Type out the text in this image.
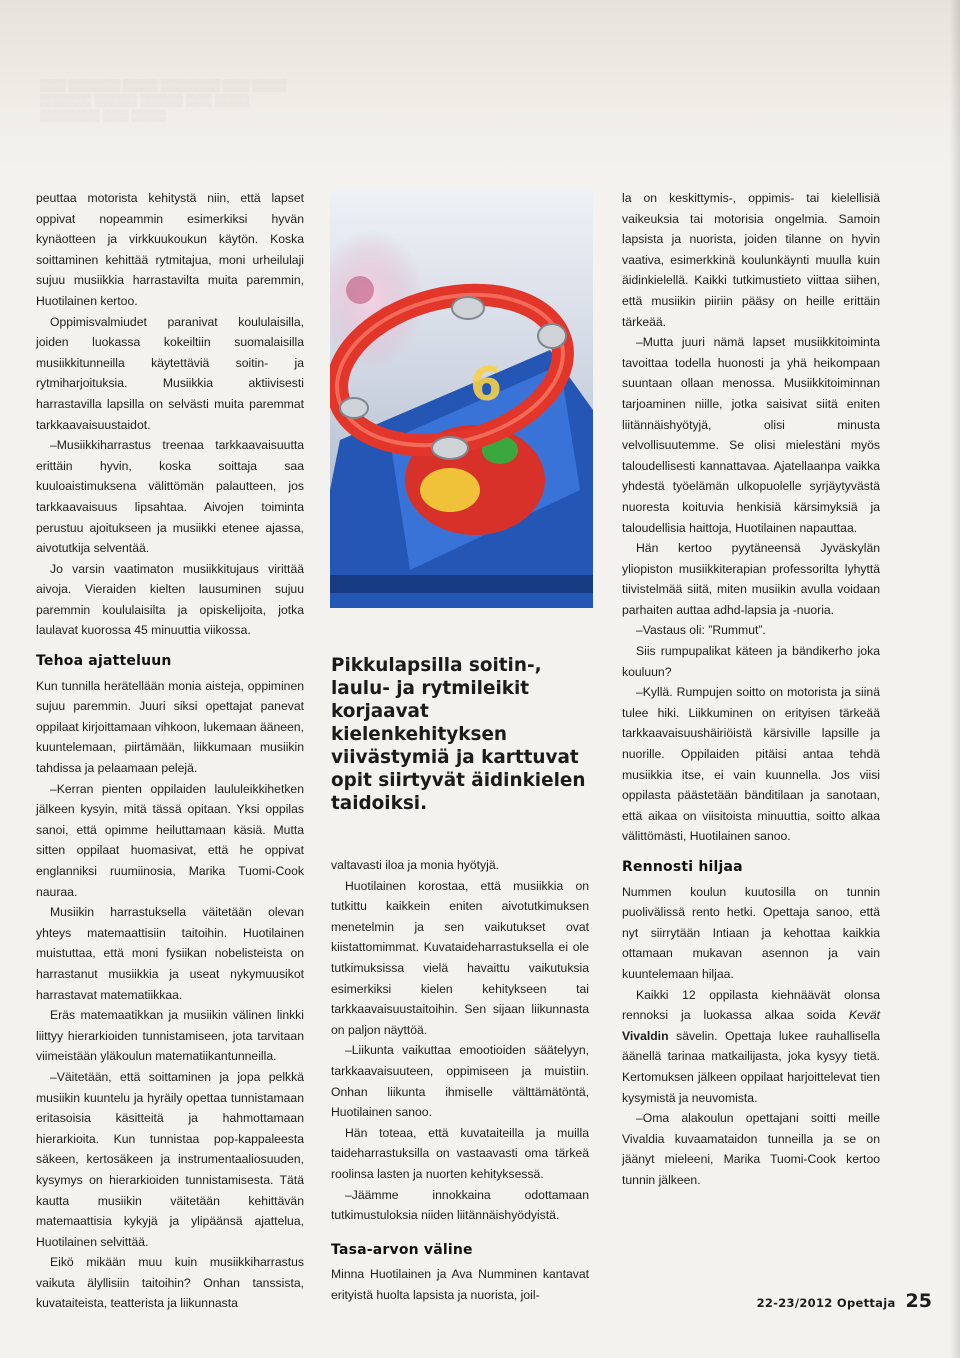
▒▒▒ ▒▒▒▒▒▒ ▒▒▒▒ ▒▒▒▒▒▒▒ ▒▒▒ ▒▒▒▒ ▒▒▒▒▒▒ ▒▒▒▒▒ ▒▒▒▒▒ ▒▒▒ ▒▒▒▒ ▒▒▒▒▒▒▒ ▒▒▒ ▒▒▒▒

peuttaa motorista kehitystä niin, että lapset oppivat nopeammin esimerkiksi hyvän kynäotteen ja virkkuukoukun käytön. Koska soittaminen kehittää rytmitajua, moni urheilulaji sujuu musiikkia harrastavilta muita paremmin, Huotilainen kertoo.

Oppimisvalmiudet paranivat koululaisilla, joiden luokassa kokeiltiin suomalaisilla musiikkitunneilla käytettäviä soitin- ja rytmiharjoituksia. Musiikkia aktiivisesti harrastavilla lapsilla on selvästi muita paremmat tarkkaavaisuustaidot.

–Musiikkiharrastus treenaa tarkkaavaisuutta erittäin hyvin, koska soittaja saa kuuloaistimuksena välittömän palautteen, jos tarkkaavaisuus lipsahtaa. Aivojen toiminta perustuu ajoitukseen ja musiikki etenee ajassa, aivotutkija selventää.

Jo varsin vaatimaton musiikkitujaus virittää aivoja. Vieraiden kielten lausuminen sujuu paremmin koululaisilta ja opiskelijoita, jotka laulavat kuorossa 45 minuuttia viikossa.

Tehoa ajatteluun

Kun tunnilla herätellään monia aisteja, oppiminen sujuu paremmin. Juuri siksi opettajat panevat oppilaat kirjoittamaan vihkoon, lukemaan ääneen, kuuntelemaan, piirtämään, liikkumaan musiikin tahdissa ja pelaamaan pelejä.

–Kerran pienten oppilaiden laululeikkihetken jälkeen kysyin, mitä tässä opitaan. Yksi oppilas sanoi, että opimme heiluttamaan käsiä. Mutta sitten oppilaat huomasivat, että he oppivat englanniksi ruumiinosia, Marika Tuomi-Cook nauraa.

Musiikin harrastuksella väitetään olevan yhteys matemaattisiin taitoihin. Huotilainen muistuttaa, että moni fysiikan nobelisteista on harrastanut musiikkia ja useat nykymuusikot harrastavat matematiikkaa.

Eräs matemaatikkan ja musiikin välinen linkki liittyy hierarkioiden tunnistamiseen, jota tarvitaan viimeistään yläkoulun matematiikantunneilla.

–Väitetään, että soittaminen ja jopa pelkkä musiikin kuuntelu ja hyräily opettaa tunnistamaan eritasoisia käsitteitä ja hahmottamaan hierarkioita. Kun tunnistaa pop-kappaleesta säkeen, kertosäkeen ja instrumentaaliosuuden, kysymys on hierarkioiden tunnistamisesta. Tätä kautta musiikin väitetään kehittävän matemaattisia kykyjä ja ylipäänsä ajattelua, Huotilainen selvittää.

Eikö mikään muu kuin musiikkiharrastus vaikuta älyllisiin taitoihin? Onhan tanssista, kuvataiteista, teatterista ja liikunnasta

6
Pikkulapsilla soitin-, laulu- ja rytmileikit korjaavat kielenkehityksen viivästymiä ja karttuvat opit siirtyvät äidinkielen taidoiksi.

valtavasti iloa ja monia hyötyjä.

Huotilainen korostaa, että musiikkia on tutkittu kaikkein eniten aivotutkimuksen menetelmin ja sen vaikutukset ovat kiistattomimmat. Kuvataideharrastuksella ei ole tutkimuksissa vielä havaittu vaikutuksia esimerkiksi kielen kehitykseen tai tarkkaavaisuustaitoihin. Sen sijaan liikunnasta on paljon näyttöä.

–Liikunta vaikuttaa emootioiden säätelyyn, tarkkaavaisuuteen, oppimiseen ja muistiin. Onhan liikunta ihmiselle välttämätöntä, Huotilainen sanoo.

Hän toteaa, että kuvataiteilla ja muilla taideharrastuksilla on vastaavasti oma tärkeä roolinsa lasten ja nuorten kehityksessä.

–Jäämme innokkaina odottamaan tutkimustuloksia niiden liitännäishyödyistä.

Tasa-arvon väline

Minna Huotilainen ja Ava Numminen kantavat erityistä huolta lapsista ja nuorista, joil-

la on keskittymis-, oppimis- tai kielellisiä vaikeuksia tai motorisia ongelmia. Samoin lapsista ja nuorista, joiden tilanne on hyvin vaativa, esimerkkinä koulunkäynti muulla kuin äidinkielellä. Kaikki tutkimustieto viittaa siihen, että musiikin piiriin pääsy on heille erittäin tärkeää.

–Mutta juuri nämä lapset musiikkitoiminta tavoittaa todella huonosti ja yhä heikompaan suuntaan ollaan menossa. Musiikkitoiminnan tarjoaminen niille, jotka saisivat siitä eniten liitännäishyötyjä, olisi minusta velvollisuutemme. Se olisi mielestäni myös taloudellisesti kannattavaa. Ajatellaanpa vaikka yhdestä työelämän ulkopuolelle syrjäytyvästä nuoresta koituvia henkisiä kärsimyksiä ja taloudellisia haittoja, Huotilainen napauttaa.

Hän kertoo pyytäneensä Jyväskylän yliopiston musiikkiterapian professorilta lyhyttä tiivistelmää siitä, miten musiikin avulla voidaan parhaiten auttaa adhd-lapsia ja -nuoria.

–Vastaus oli: ”Rummut”.

Siis rumpupalikat käteen ja bändikerho joka kouluun?

–Kyllä. Rumpujen soitto on motorista ja siinä tulee hiki. Liikkuminen on erityisen tärkeää tarkkaavaisuushäiriöistä kärsiville lapsille ja nuorille. Oppilaiden pitäisi antaa tehdä musiikkia itse, ei vain kuunnella. Jos viisi oppilasta päästetään bänditilaan ja sanotaan, että aikaa on viisitoista minuuttia, soitto alkaa välittömästi, Huotilainen sanoo.

Rennosti hiljaa

Nummen koulun kuutosilla on tunnin puolivälissä rento hetki. Opettaja sanoo, että nyt siirrytään Intiaan ja kehottaa kaikkia ottamaan mukavan asennon ja vain kuuntelemaan hiljaa.

Kaikki 12 oppilasta kiehnäävät olonsa rennoksi ja luokassa alkaa soida Kevät Vivaldin sävelin. Opettaja lukee rauhallisella äänellä tarinaa matkailijasta, joka kysyy tietä. Kertomuksen jälkeen oppilaat harjoittelevat tien kysymistä ja neuvomista.

–Oma alakoulun opettajani soitti meille Vivaldia kuvaamataidon tunneilla ja se on jäänyt mieleeni, Marika Tuomi-Cook kertoo tunnin jälkeen.

22-23/2012 Opettaja 25
